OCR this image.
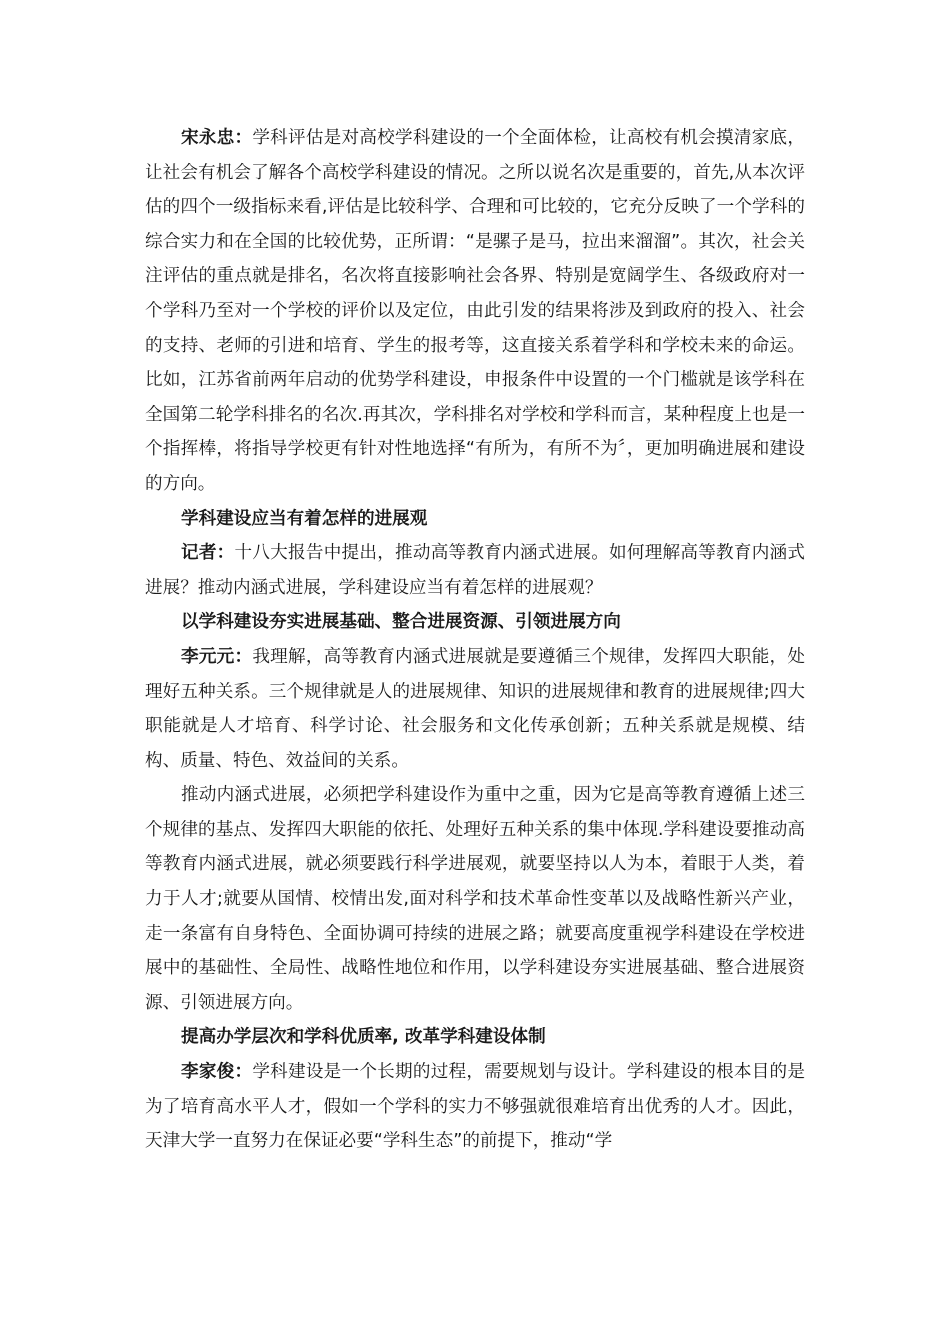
宋永忠：学科评估是对高校学科建设的一个全面体检，让高校有机会摸清家底，让社会有机会了解各个高校学科建设的情况。之所以说名次是重要的，首先,从本次评估的四个一级指标来看,评估是比较科学、合理和可比较的，它充分反映了一个学科的综合实力和在全国的比较优势，正所谓：“是骡子是马，拉出来溜溜”。其次，社会关注评估的重点就是排名，名次将直接影响社会各界、特别是宽阔学生、各级政府对一个学科乃至对一个学校的评价以及定位，由此引发的结果将涉及到政府的投入、社会的支持、老师的引进和培育、学生的报考等，这直接关系着学科和学校未来的命运。比如，江苏省前两年启动的优势学科建设，申报条件中设置的一个门槛就是该学科在全国第二轮学科排名的名次.再其次，学科排名对学校和学科而言，某种程度上也是一个指挥棒，将指导学校更有针对性地选择“有所为，有所不为〞，更加明确进展和建设的方向。

学科建设应当有着怎样的进展观

记者：十八大报告中提出，推动高等教育内涵式进展。如何理解高等教育内涵式进展？推动内涵式进展，学科建设应当有着怎样的进展观？

以学科建设夯实进展基础、整合进展资源、引领进展方向

李元元：我理解，高等教育内涵式进展就是要遵循三个规律，发挥四大职能，处理好五种关系。三个规律就是人的进展规律、知识的进展规律和教育的进展规律;四大职能就是人才培育、科学讨论、社会服务和文化传承创新；五种关系就是规模、结构、质量、特色、效益间的关系。

推动内涵式进展，必须把学科建设作为重中之重，因为它是高等教育遵循上述三个规律的基点、发挥四大职能的依托、处理好五种关系的集中体现.学科建设要推动高等教育内涵式进展，就必须要践行科学进展观，就要坚持以人为本，着眼于人类，着力于人才;就要从国情、校情出发,面对科学和技术革命性变革以及战略性新兴产业，走一条富有自身特色、全面协调可持续的进展之路；就要高度重视学科建设在学校进展中的基础性、全局性、战略性地位和作用，以学科建设夯实进展基础、整合进展资源、引领进展方向。

提高办学层次和学科优质率, 改革学科建设体制

李家俊：学科建设是一个长期的过程，需要规划与设计。学科建设的根本目的是为了培育高水平人才，假如一个学科的实力不够强就很难培育出优秀的人才。因此，天津大学一直努力在保证必要“学科生态”的前提下，推动“学
